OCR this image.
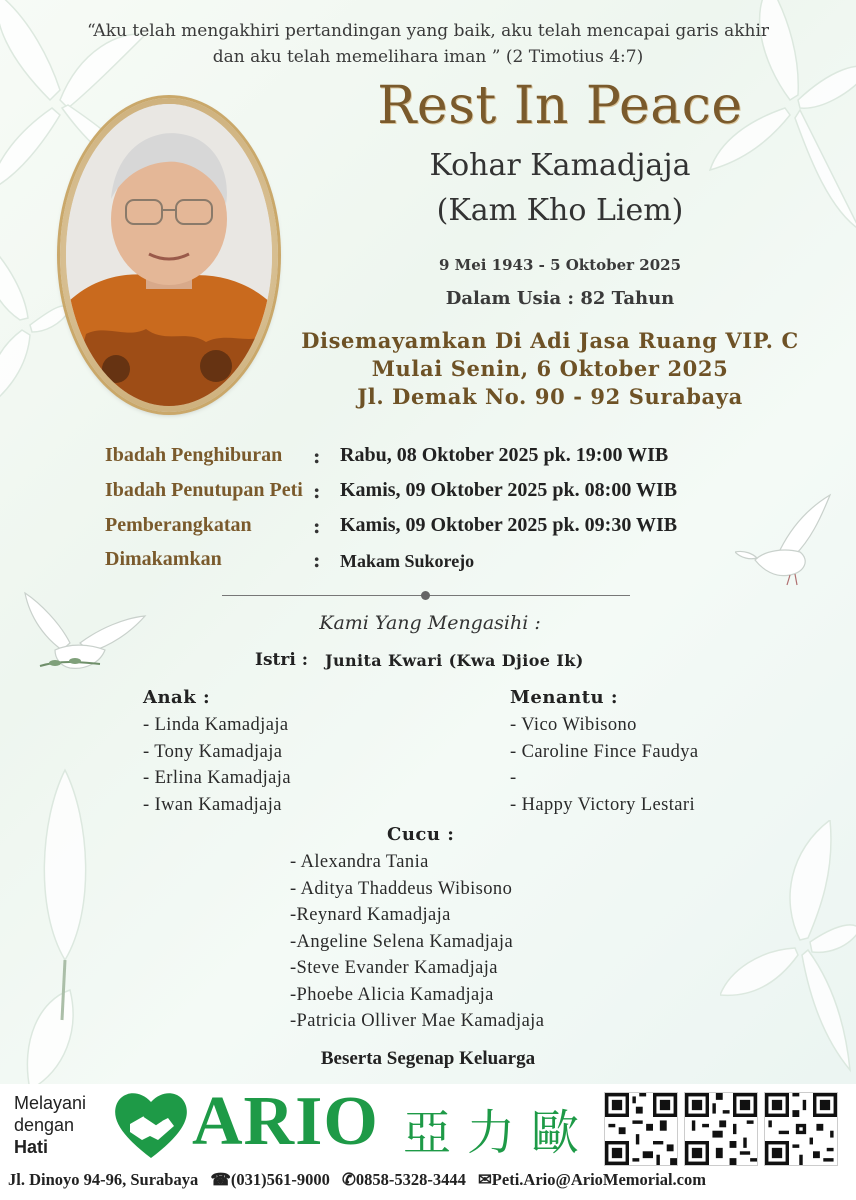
“Aku telah mengakhiri pertandingan yang baik, aku telah mencapai garis akhir
dan aku telah memelihara iman ” (2 Timotius 4:7)
Rest In Peace
Kohar Kamadjaja
(Kam Kho Liem)
9 Mei 1943 - 5 Oktober 2025
Dalam Usia : 82 Tahun
Disemayamkan Di Adi Jasa Ruang VIP. C
Mulai Senin, 6 Oktober 2025
Jl. Demak No. 90 - 92 Surabaya
Ibadah Penghiburan : Rabu, 08 Oktober 2025 pk. 19:00 WIB
Ibadah Penutupan Peti : Kamis, 09 Oktober 2025 pk. 08:00 WIB
Pemberangkatan	: Kamis, 09 Oktober 2025 pk. 09:30 WIB
Dimakamkan	: Makam Sukorejo
Kami Yang Mengasihi :
Istri : Junita Kwari (Kwa Djioe Ik)
Anak :
- Linda Kamadjaja
- Tony Kamadjaja
- Erlina Kamadjaja
- Iwan Kamadjaja
Menantu :
- Vico Wibisono
- Caroline Fince Faudya
-
- Happy Victory Lestari
Cucu :
- Alexandra Tania
- Aditya Thaddeus Wibisono
-Reynard Kamadjaja
-Angeline Selena Kamadjaja
-Steve Evander Kamadjaja
-Phoebe Alicia Kamadjaja
-Patricia Olliver Mae Kamadjaja
Beserta Segenap Keluarga
Melayani
dengan
Hati	ARIO 亞力歐
Jl. Dinoyo 94-96, Surabaya ☎(031)561-9000 ✆0858-5328-3444 ✉Peti.Ario@ArioMemorial.com
